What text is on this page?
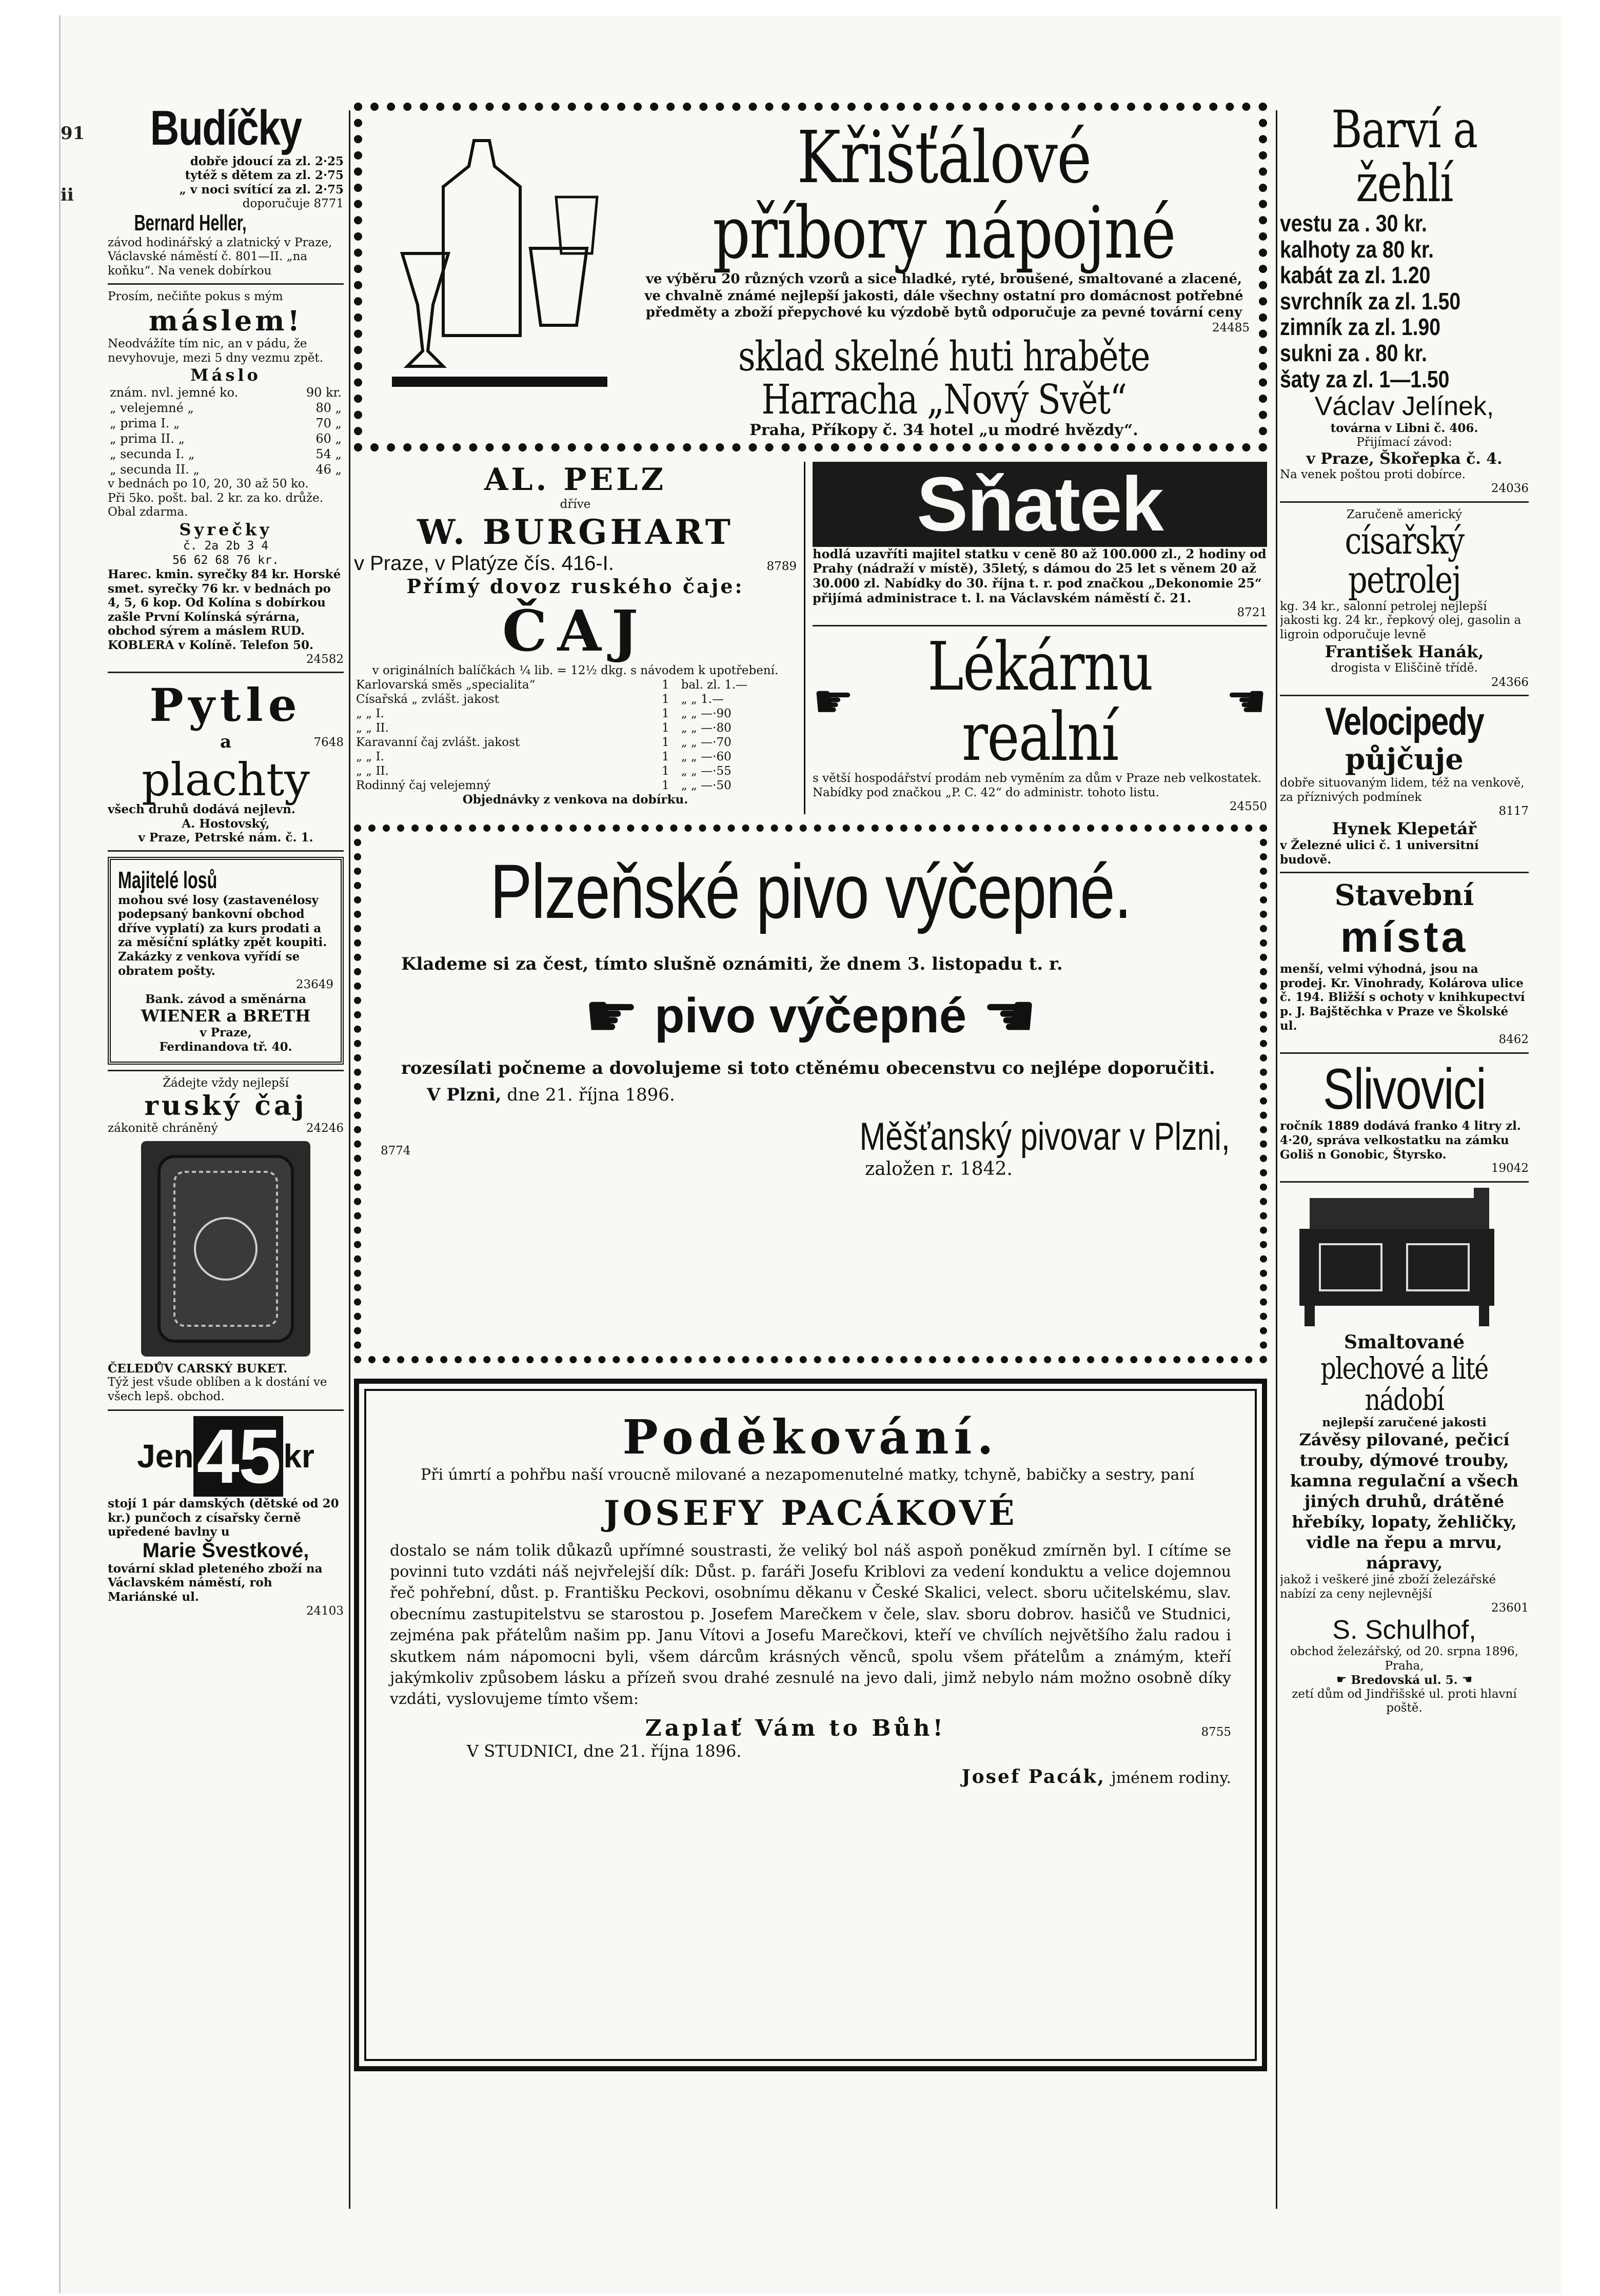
91
ii
Budíčky
dobře jdoucí za zl. 2·25
tytéž s dětem za zl. 2·75
„ v noci svítící za zl. 2·75
doporučuje 8771
Bernard Heller,
závod hodinářský a zlatnický v Praze, Václavské náměstí č. 801—II. „na koňku“. Na venek dobírkou
Prosím, nečiňte pokus s mým
máslem!
Neodvážíte tím nic, an v pádu, že nevyhovuje, mezi 5 dny vezmu zpět.
Máslo
znám. nvl. jemné ko.	90 kr.
„ velejemné „	80 „
„ prima I. „	70 „
„ prima II. „	60 „
„ secunda I. „	54 „
„ secunda II. „	46 „
v bednách po 10, 20, 30 až 50 ko.
Při 5ko. pošt. bal. 2 kr. za ko. drůže. Obal zdarma.
Syrečky
č. 2a 2b 3 4
56 62 68 76 kr.
Harec. kmin. syrečky 84 kr. Horské smet. syrečky 76 kr. v bednách po 4, 5, 6 kop. Od Kolína s dobírkou zašle První Kolínská sýrárna, obchod sýrem a máslem RUD. KOBLERA v Kolíně. Telefon 50.
24582
Pytle
a	7648
plachty
všech druhů dodává nejlevn.
A. Hostovský,
v Praze, Petrské nám. č. 1.
Majitelé losů
mohou své losy (zastavenélosy podepsaný bankovní obchod dříve vyplatí) za kurs prodati a za měsíční splátky zpět koupiti. Zakázky z venkova vyřídí se obratem pošty.
23649
Bank. závod a směnárna
WIENER a BRETH
v Praze,
Ferdinandova tř. 40.
Žádejte vždy nejlepší
ruský čaj
zákonitě chráněný	24246
ČELEDŮV CARSKÝ BUKET.
Týž jest všude oblíben a k dostání ve všech lepš. obchod.
Jen 45 kr
stojí 1 pár damských (dětské od 20 kr.) punčoch z císařsky černě upředené bavlny u
Marie Švestkové,
tovární sklad pleteného zboží na Václavském náměstí, roh Mariánské ul.
24103
Křišťálové příbory nápojné
ve výběru 20 různých vzorů a sice hladké, ryté, broušené, smaltované a zlacené, ve chvalně známé nejlepší jakosti, dále všechny ostatní pro domácnost potřebné předměty a zboží přepychové ku výzdobě bytů odporučuje za pevné tovární ceny
24485
sklad skelné huti hraběte Harracha „Nový Svět“
Praha, Příkopy č. 34 hotel „u modré hvězdy“.
AL. PELZ
dříve
W. BURGHART
v Praze, v Platýze čís. 416-I.	8789
Přímý dovoz ruského čaje:
ČAJ
v originálních balíčkách ¼ lib. = 12½ dkg. s návodem k upotřebení.
Karlovarská směs „specialita“	1	bal. zl. 1.—
Císařská „ zvlášt. jakost	1	„ „ 1.—
„ „ I.	1	„ „ —·90
„ „ II.	1	„ „ —·80
Karavanní čaj zvlášt. jakost	1	„ „ —·70
„ „ I.	1	„ „ —·60
„ „ II.	1	„ „ —·55
Rodinný čaj velejemný	1	„ „ —·50
Objednávky z venkova na dobírku.
Sňatek
hodlá uzavříti majitel statku v ceně 80 až 100.000 zl., 2 hodiny od Prahy (nádraží v místě), 35letý, s dámou do 25 let s věnem 20 až 30.000 zl. Nabídky do 30. října t. r. pod značkou „Dekonomie 25“ přijímá administrace t. l. na Václavském náměstí č. 21.
8721
☛	Lékárnu realní	☚
s větší hospodářství prodám neb vyměním za dům v Praze neb velkostatek. Nabídky pod značkou „P. C. 42“ do administr. tohoto listu.
24550
Plzeňské pivo výčepné.
Klademe si za čest, tímto slušně oznámiti, že dnem 3. listopadu t. r.
☛ pivo výčepné ☚
rozesílati počneme a dovolujeme si toto ctěnému obecenstvu co nejlépe doporučiti.
V Plzni, dne 21. října 1896.
8774	Měšťanský pivovar v Plzni,
založen r. 1842.
Poděkování.
Při úmrtí a pohřbu naší vroucně milované a nezapomenutelné matky, tchyně, babičky a sestry, paní
JOSEFY PACÁKOVÉ
dostalo se nám tolik důkazů upřímné soustrasti, že veliký bol náš aspoň poněkud zmírněn byl. I cítíme se povinni tuto vzdáti náš nejvřelejší dík: Důst. p. faráři Josefu Kriblovi za vedení konduktu a velice dojemnou řeč pohřební, důst. p. Františku Peckovi, osobnímu děkanu v České Skalici, velect. sboru učitelskému, slav. obecnímu zastupitelstvu se starostou p. Josefem Marečkem v čele, slav. sboru dobrov. hasičů ve Studnici, zejména pak přátelům našim pp. Janu Vítovi a Josefu Marečkovi, kteří ve chvílích největšího žalu radou i skutkem nám nápomocni byli, všem dárcům krásných věnců, spolu všem přátelům a známým, kteří jakýmkoliv způsobem lásku a přízeň svou drahé zesnulé na jevo dali, jimž nebylo nám možno osobně díky vzdáti, vyslovujeme tímto všem:
Zaplať Vám to Bůh!	8755
V STUDNICI, dne 21. října 1896.
Josef Pacák, jménem rodiny.
Barví a žehlí
vestu za . 30 kr.
kalhoty za 80 kr.
kabát za zl. 1.20
svrchník za zl. 1.50
zimník za zl. 1.90
sukni za . 80 kr.
šaty za zl. 1—1.50
Václav Jelínek,
továrna v Libni č. 406.
Přijímací závod:
v Praze, Škořepka č. 4.
Na venek poštou proti dobírce.
24036
Zaručeně americký
císařský petrolej
kg. 34 kr., salonní petrolej nejlepší jakosti kg. 24 kr., řepkový olej, gasolin a ligroin odporučuje levně
František Hanák,
drogista v Eliščině třídě.
24366
Velocipedy
půjčuje
dobře situovaným lidem, též na venkově, za příznivých podmínek
8117
Hynek Klepetář
v Železné ulici č. 1 universitní budově.
Stavební
místa
menší, velmi výhodná, jsou na prodej. Kr. Vinohrady, Kolárova ulice č. 194. Bližší s ochoty v knihkupectví p. J. Bajštěchka v Praze ve Školské ul.
8462
Slivovici
ročník 1889 dodává franko 4 litry zl. 4·20, správa velkostatku na zámku Goliš n Gonobic, Štyrsko.
19042
Smaltované
plechové a lité nádobí
nejlepší zaručené jakosti
Závěsy pilované, pečicí trouby, dýmové trouby, kamna regulační a všech jiných druhů, drátěné hřebíky, lopaty, žehličky, vidle na řepu a mrvu, nápravy,
jakož i veškeré jiné zboží železářské nabízí za ceny nejlevnější
23601
S. Schulhof,
obchod železářský, od 20. srpna 1896, Praha,
☛ Bredovská ul. 5. ☚
zetí dům od Jindřišské ul. proti hlavní poště.
